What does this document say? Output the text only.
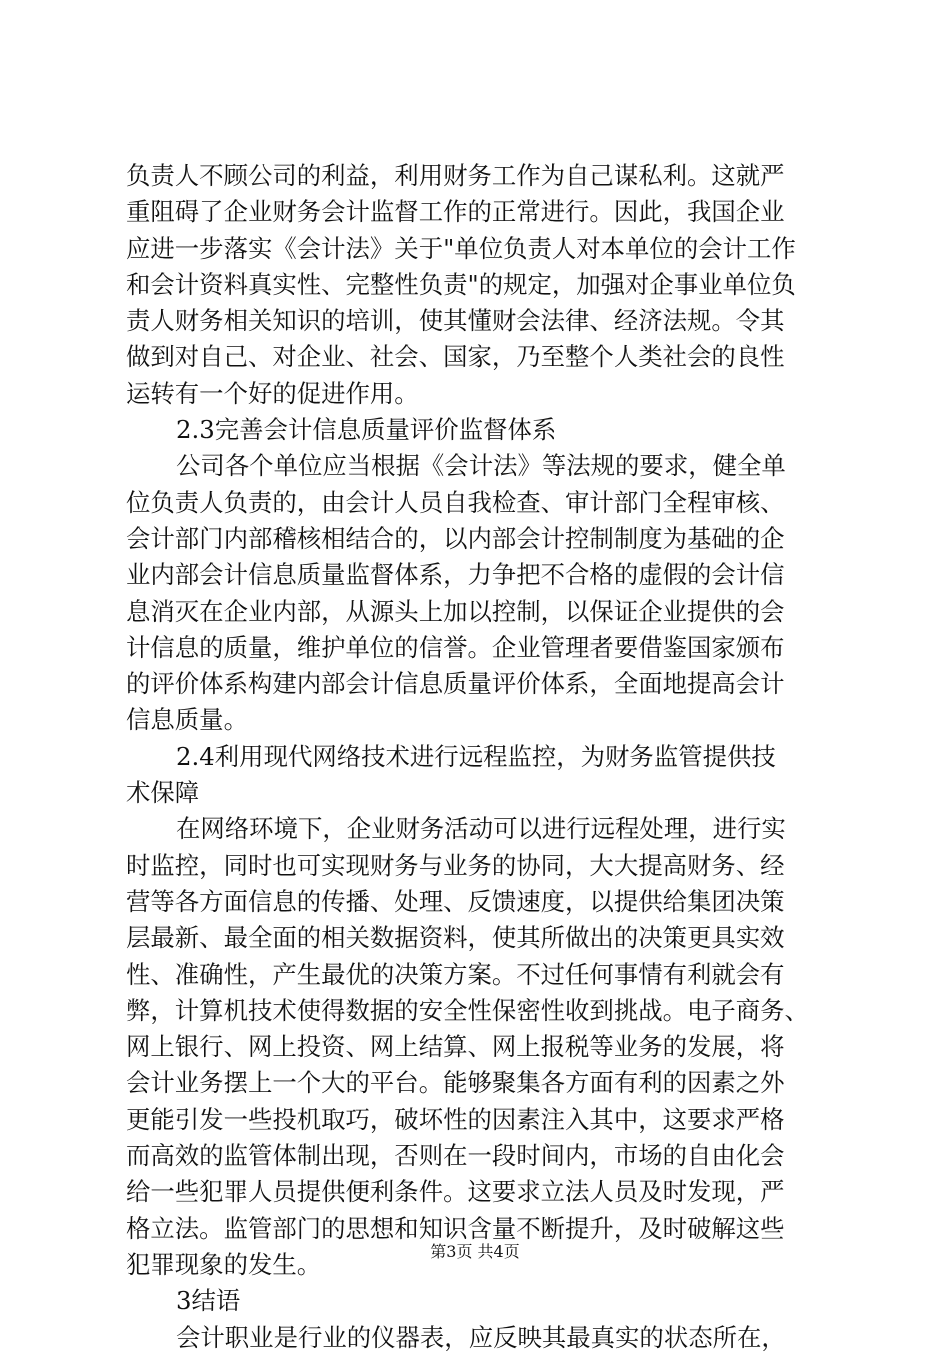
负责人不顾公司的利益，利用财务工作为自己谋私利。这就严
重阻碍了企业财务会计监督工作的正常进行。因此，我国企业
应进一步落实《会计法》关于"单位负责人对本单位的会计工作
和会计资料真实性、完整性负责"的规定，加强对企事业单位负
责人财务相关知识的培训，使其懂财会法律、经济法规。令其
做到对自己、对企业、社会、国家，乃至整个人类社会的良性
运转有一个好的促进作用。
2.3完善会计信息质量评价监督体系
公司各个单位应当根据《会计法》等法规的要求，健全单
位负责人负责的，由会计人员自我检查、审计部门全程审核、
会计部门内部稽核相结合的，以内部会计控制制度为基础的企
业内部会计信息质量监督体系，力争把不合格的虚假的会计信
息消灭在企业内部，从源头上加以控制，以保证企业提供的会
计信息的质量，维护单位的信誉。企业管理者要借鉴国家颁布
的评价体系构建内部会计信息质量评价体系，全面地提高会计
信息质量。
2.4利用现代网络技术进行远程监控，为财务监管提供技
术保障
在网络环境下，企业财务活动可以进行远程处理，进行实
时监控，同时也可实现财务与业务的协同，大大提高财务、经
营等各方面信息的传播、处理、反馈速度，以提供给集团决策
层最新、最全面的相关数据资料，使其所做出的决策更具实效
性、准确性，产生最优的决策方案。不过任何事情有利就会有
弊，计算机技术使得数据的安全性保密性收到挑战。电子商务、
网上银行、网上投资、网上结算、网上报税等业务的发展，将
会计业务摆上一个大的平台。能够聚集各方面有利的因素之外
更能引发一些投机取巧，破坏性的因素注入其中，这要求严格
而高效的监管体制出现，否则在一段时间内，市场的自由化会
给一些犯罪人员提供便利条件。这要求立法人员及时发现，严
格立法。监管部门的思想和知识含量不断提升，及时破解这些
犯罪现象的发生。
3结语
会计职业是行业的仪器表，应反映其最真实的状态所在，
第3页 共4页
